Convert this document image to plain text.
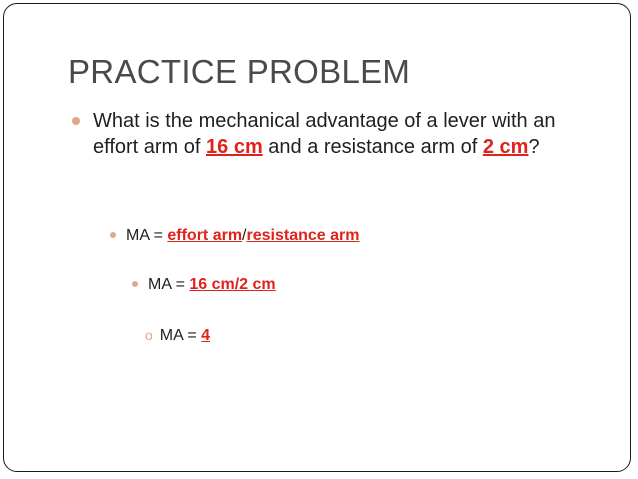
PRACTICE PROBLEM
What is the mechanical advantage of a lever with an effort arm of 16 cm and a resistance arm of 2 cm?
MA = effort arm/resistance arm
MA = 16 cm/2 cm
o MA = 4
